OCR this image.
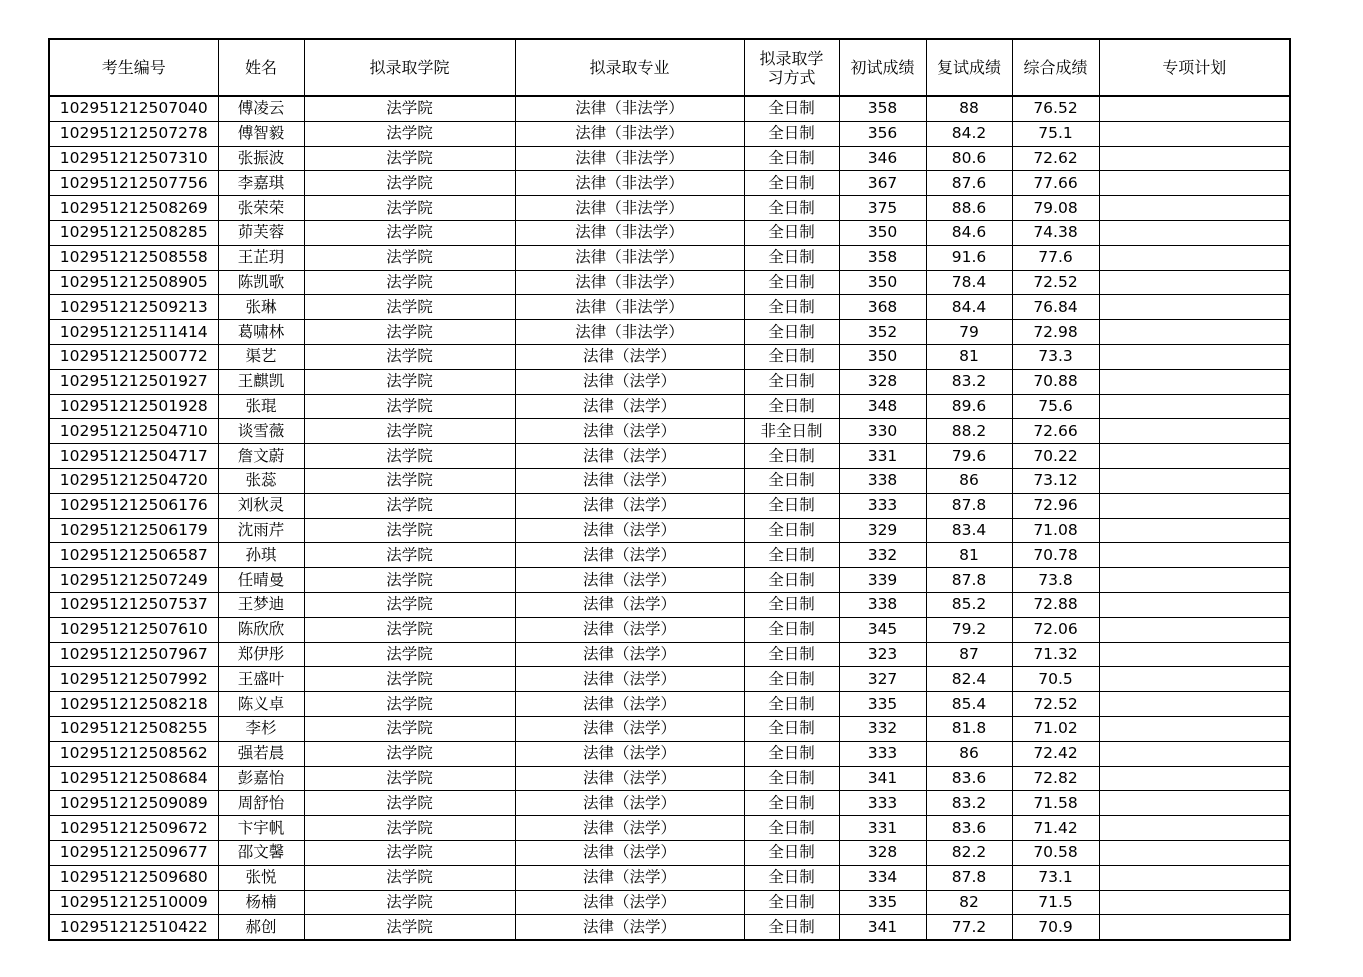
考生编号	姓名	拟录取学院	拟录取专业	拟录取学
习方式	初试成绩	复试成绩	综合成绩	专项计划
102951212507040	傅凌云	法学院	法律（非法学）	全日制	358	88	76.52	
102951212507278	傅智毅	法学院	法律（非法学）	全日制	356	84.2	75.1	
102951212507310	张振波	法学院	法律（非法学）	全日制	346	80.6	72.62	
102951212507756	李嘉琪	法学院	法律（非法学）	全日制	367	87.6	77.66	
102951212508269	张荣荣	法学院	法律（非法学）	全日制	375	88.6	79.08	
102951212508285	茆芙蓉	法学院	法律（非法学）	全日制	350	84.6	74.38	
102951212508558	王芷玥	法学院	法律（非法学）	全日制	358	91.6	77.6	
102951212508905	陈凯歌	法学院	法律（非法学）	全日制	350	78.4	72.52	
102951212509213	张琳	法学院	法律（非法学）	全日制	368	84.4	76.84	
102951212511414	葛啸林	法学院	法律（非法学）	全日制	352	79	72.98	
102951212500772	渠艺	法学院	法律（法学）	全日制	350	81	73.3	
102951212501927	王麒凯	法学院	法律（法学）	全日制	328	83.2	70.88	
102951212501928	张琨	法学院	法律（法学）	全日制	348	89.6	75.6	
102951212504710	谈雪薇	法学院	法律（法学）	非全日制	330	88.2	72.66	
102951212504717	詹文蔚	法学院	法律（法学）	全日制	331	79.6	70.22	
102951212504720	张蕊	法学院	法律（法学）	全日制	338	86	73.12	
102951212506176	刘秋灵	法学院	法律（法学）	全日制	333	87.8	72.96	
102951212506179	沈雨芹	法学院	法律（法学）	全日制	329	83.4	71.08	
102951212506587	孙琪	法学院	法律（法学）	全日制	332	81	70.78	
102951212507249	任晴曼	法学院	法律（法学）	全日制	339	87.8	73.8	
102951212507537	王梦迪	法学院	法律（法学）	全日制	338	85.2	72.88	
102951212507610	陈欣欣	法学院	法律（法学）	全日制	345	79.2	72.06	
102951212507967	郑伊彤	法学院	法律（法学）	全日制	323	87	71.32	
102951212507992	王盛叶	法学院	法律（法学）	全日制	327	82.4	70.5	
102951212508218	陈义卓	法学院	法律（法学）	全日制	335	85.4	72.52	
102951212508255	李杉	法学院	法律（法学）	全日制	332	81.8	71.02	
102951212508562	强若晨	法学院	法律（法学）	全日制	333	86	72.42	
102951212508684	彭嘉怡	法学院	法律（法学）	全日制	341	83.6	72.82	
102951212509089	周舒怡	法学院	法律（法学）	全日制	333	83.2	71.58	
102951212509672	卞宇帆	法学院	法律（法学）	全日制	331	83.6	71.42	
102951212509677	邵文馨	法学院	法律（法学）	全日制	328	82.2	70.58	
102951212509680	张悦	法学院	法律（法学）	全日制	334	87.8	73.1	
102951212510009	杨楠	法学院	法律（法学）	全日制	335	82	71.5	
102951212510422	郝创	法学院	法律（法学）	全日制	341	77.2	70.9	
